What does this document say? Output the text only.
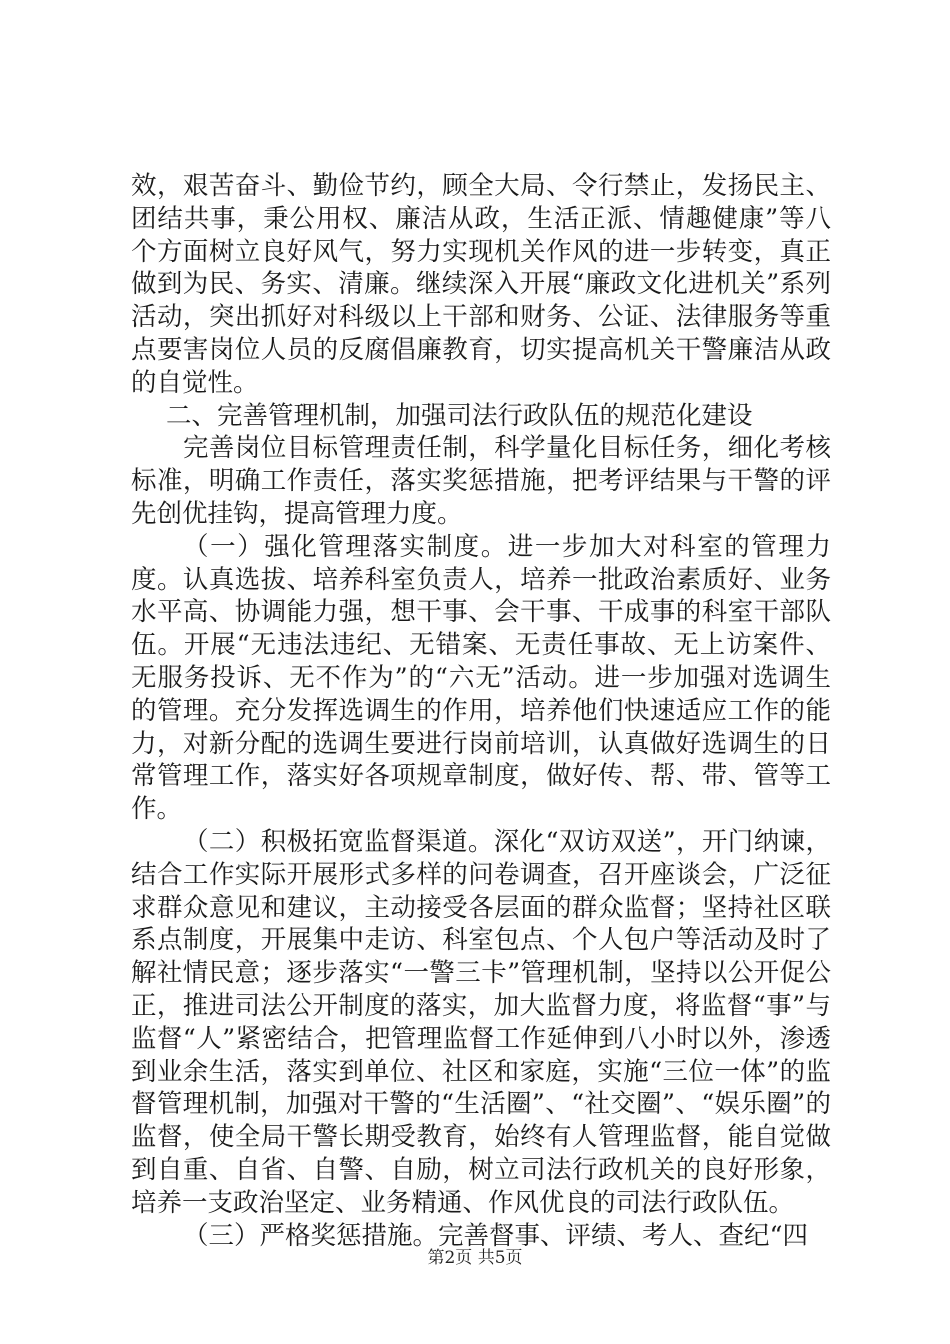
效，艰苦奋斗、勤俭节约，顾全大局、令行禁止，发扬民主、团结共事，秉公用权、廉洁从政，生活正派、情趣健康”等八个方面树立良好风气，努力实现机关作风的进一步转变，真正做到为民、务实、清廉。继续深入开展“廉政文化进机关”系列活动，突出抓好对科级以上干部和财务、公证、法律服务等重点要害岗位人员的反腐倡廉教育，切实提高机关干警廉洁从政的自觉性。

二、完善管理机制，加强司法行政队伍的规范化建设

完善岗位目标管理责任制，科学量化目标任务，细化考核标准，明确工作责任，落实奖惩措施，把考评结果与干警的评先创优挂钩，提高管理力度。

（一）强化管理落实制度。进一步加大对科室的管理力度。认真选拔、培养科室负责人，培养一批政治素质好、业务水平高、协调能力强，想干事、会干事、干成事的科室干部队伍。开展“无违法违纪、无错案、无责任事故、无上访案件、无服务投诉、无不作为”的“六无”活动。进一步加强对选调生的管理。充分发挥选调生的作用，培养他们快速适应工作的能力，对新分配的选调生要进行岗前培训，认真做好选调生的日常管理工作，落实好各项规章制度，做好传、帮、带、管等工作。

（二）积极拓宽监督渠道。深化“双访双送”，开门纳谏，结合工作实际开展形式多样的问卷调查，召开座谈会，广泛征求群众意见和建议，主动接受各层面的群众监督；坚持社区联系点制度，开展集中走访、科室包点、个人包户等活动及时了解社情民意；逐步落实“一警三卡”管理机制，坚持以公开促公正，推进司法公开制度的落实，加大监督力度，将监督“事”与监督“人”紧密结合，把管理监督工作延伸到八小时以外，渗透到业余生活，落实到单位、社区和家庭，实施“三位一体”的监督管理机制，加强对干警的“生活圈”、“社交圈”、“娱乐圈”的监督，使全局干警长期受教育，始终有人管理监督，能自觉做到自重、自省、自警、自励，树立司法行政机关的良好形象，培养一支政治坚定、业务精通、作风优良的司法行政队伍。

（三）严格奖惩措施。完善督事、评绩、考人、查纪“四

第2页 共5页
